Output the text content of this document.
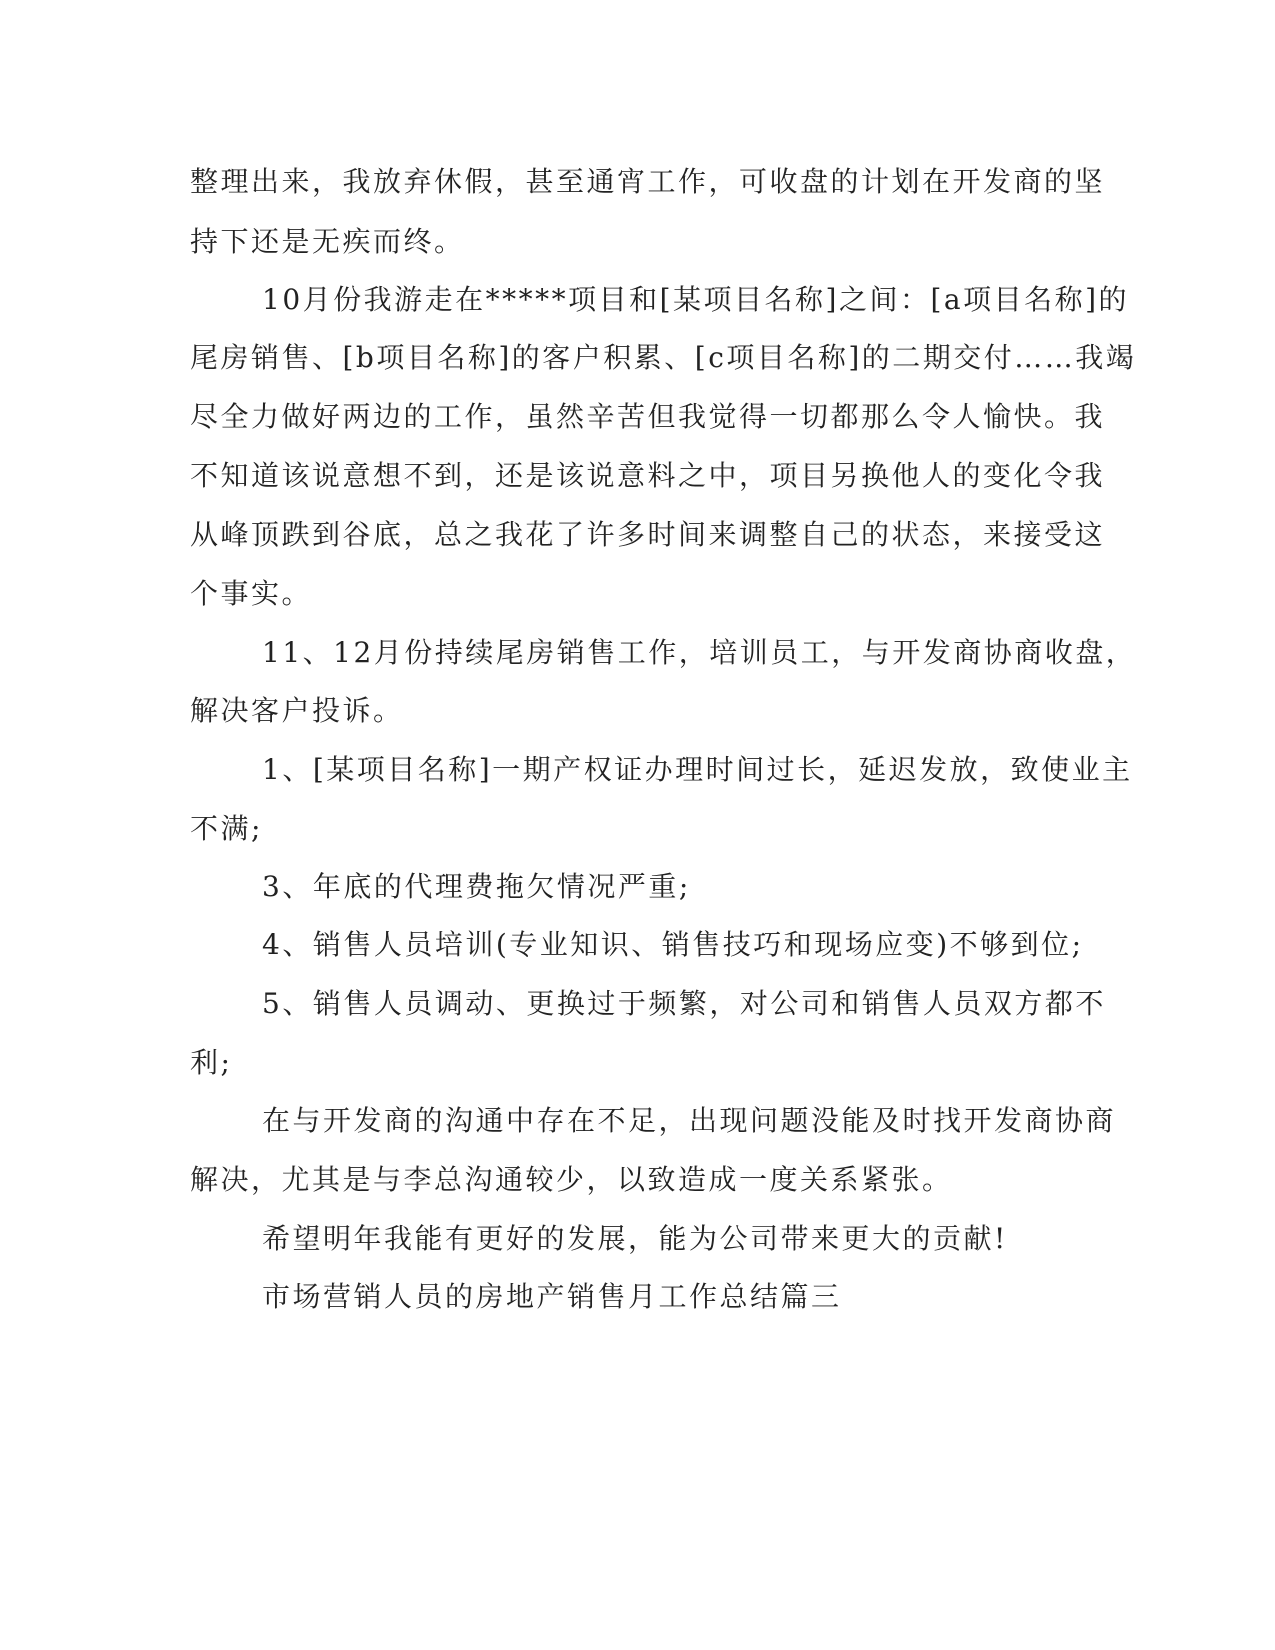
整理出来，我放弃休假，甚至通宵工作，可收盘的计划在开发商的坚
持下还是无疾而终。
10月份我游走在*****项目和[某项目名称]之间：[a项目名称]的
尾房销售、[b项目名称]的客户积累、[c项目名称]的二期交付……我竭
尽全力做好两边的工作，虽然辛苦但我觉得一切都那么令人愉快。我
不知道该说意想不到，还是该说意料之中，项目另换他人的变化令我
从峰顶跌到谷底，总之我花了许多时间来调整自己的状态，来接受这
个事实。
11、12月份持续尾房销售工作，培训员工，与开发商协商收盘，
解决客户投诉。
1、[某项目名称]一期产权证办理时间过长，延迟发放，致使业主
不满;
3、年底的代理费拖欠情况严重;
4、销售人员培训(专业知识、销售技巧和现场应变)不够到位;
5、销售人员调动、更换过于频繁，对公司和销售人员双方都不
利;
在与开发商的沟通中存在不足，出现问题没能及时找开发商协商
解决，尤其是与李总沟通较少，以致造成一度关系紧张。
希望明年我能有更好的发展，能为公司带来更大的贡献!
市场营销人员的房地产销售月工作总结篇三
